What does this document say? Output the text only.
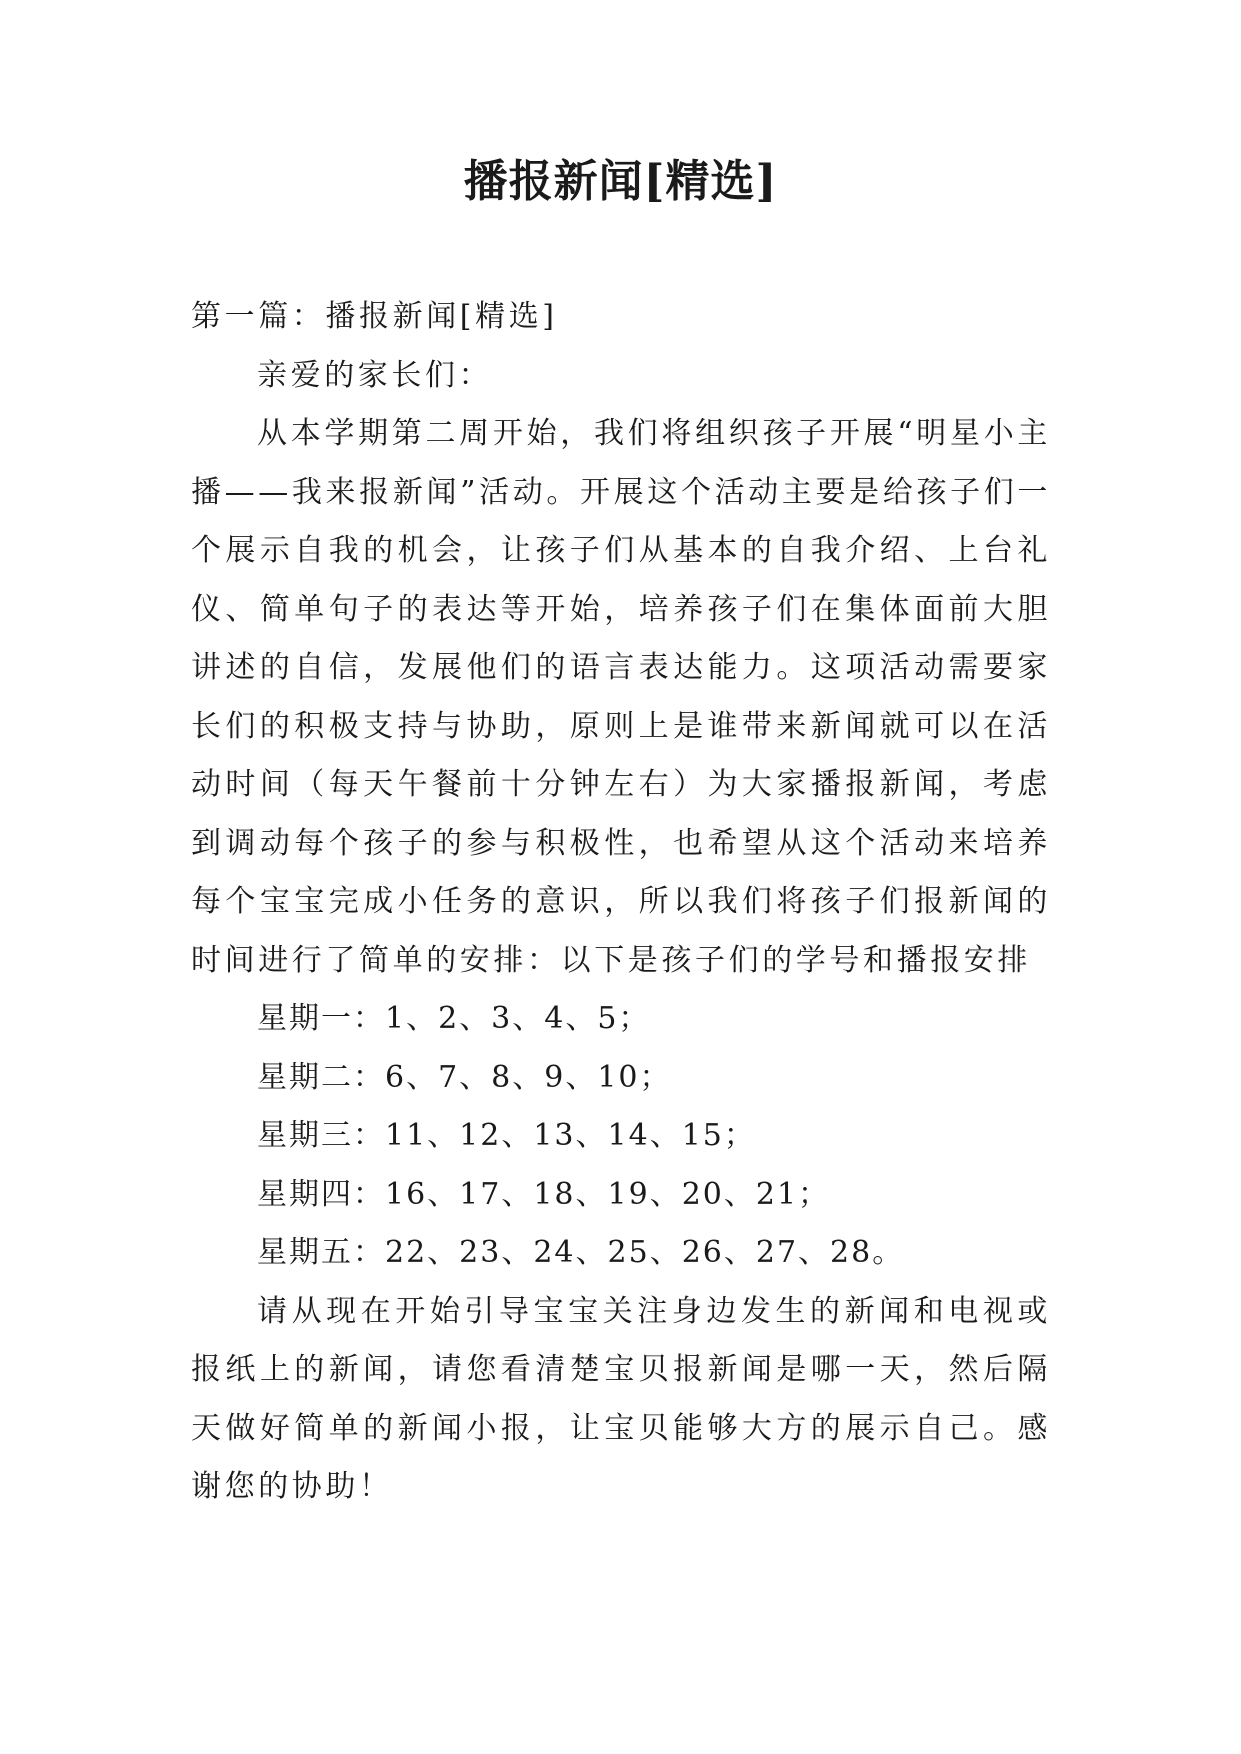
播报新闻[精选]

第一篇：播报新闻[精选]

亲爱的家长们：

从本学期第二周开始，我们将组织孩子开展“明星小主播——我来报新闻”活动。开展这个活动主要是给孩子们一个展示自我的机会，让孩子们从基本的自我介绍、上台礼仪、简单句子的表达等开始，培养孩子们在集体面前大胆讲述的自信，发展他们的语言表达能力。这项活动需要家长们的积极支持与协助，原则上是谁带来新闻就可以在活动时间（每天午餐前十分钟左右）为大家播报新闻，考虑到调动每个孩子的参与积极性，也希望从这个活动来培养每个宝宝完成小任务的意识，所以我们将孩子们报新闻的时间进行了简单的安排：以下是孩子们的学号和播报安排

星期一：1、2、3、4、5；

星期二：6、7、8、9、10；

星期三：11、12、13、14、15；

星期四：16、17、18、19、20、21；

星期五：22、23、24、25、26、27、28。

请从现在开始引导宝宝关注身边发生的新闻和电视或报纸上的新闻，请您看清楚宝贝报新闻是哪一天，然后隔天做好简单的新闻小报，让宝贝能够大方的展示自己。感谢您的协助！
